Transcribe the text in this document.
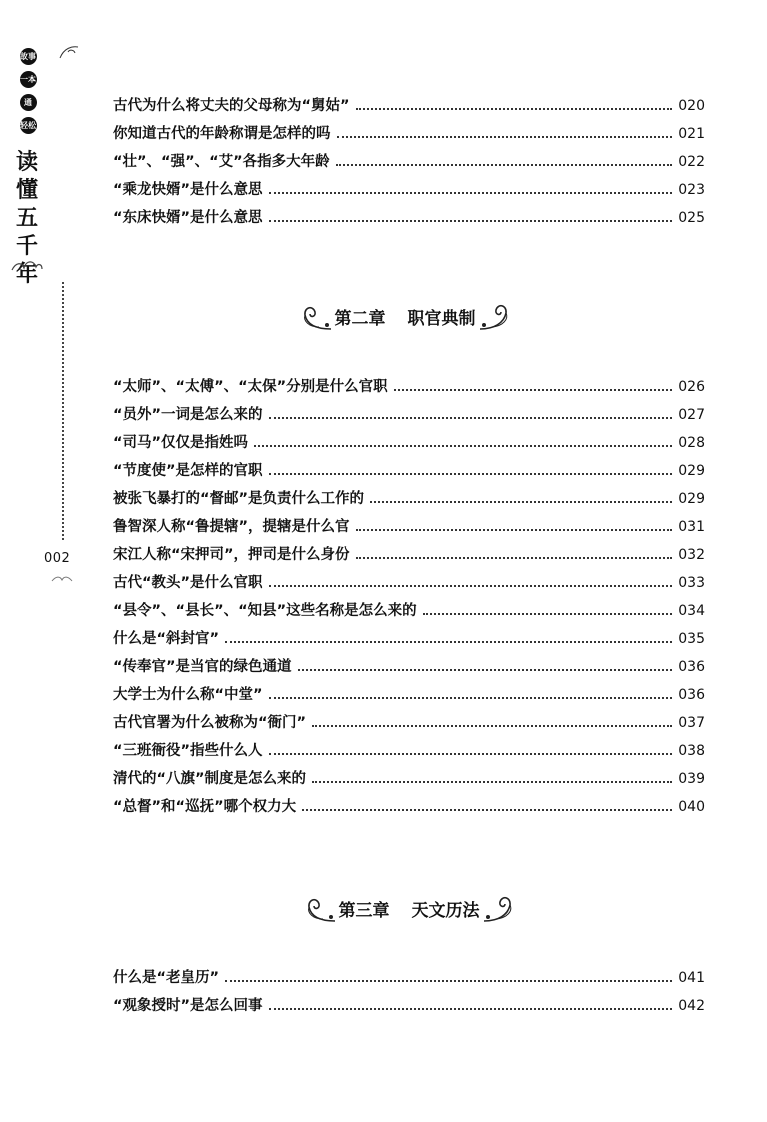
故事
一本
通
轻松
读
懂
五
千
年
002
古代为什么将丈夫的父母称为“舅姑”	020
你知道古代的年龄称谓是怎样的吗	021
“壮”、“强”、“艾”各指多大年龄	022
“乘龙快婿”是什么意思	023
“东床快婿”是什么意思	025
第二章 职官典制
“太师”、“太傅”、“太保”分别是什么官职	026
“员外”一词是怎么来的	027
“司马”仅仅是指姓吗	028
“节度使”是怎样的官职	029
被张飞暴打的“督邮”是负责什么工作的	029
鲁智深人称“鲁提辖”，提辖是什么官	031
宋江人称“宋押司”，押司是什么身份	032
古代“教头”是什么官职	033
“县令”、“县长”、“知县”这些名称是怎么来的	034
什么是“斜封官”	035
“传奉官”是当官的绿色通道	036
大学士为什么称“中堂”	036
古代官署为什么被称为“衙门”	037
“三班衙役”指些什么人	038
清代的“八旗”制度是怎么来的	039
“总督”和“巡抚”哪个权力大	040
第三章 天文历法
什么是“老皇历”	041
“观象授时”是怎么回事	042
